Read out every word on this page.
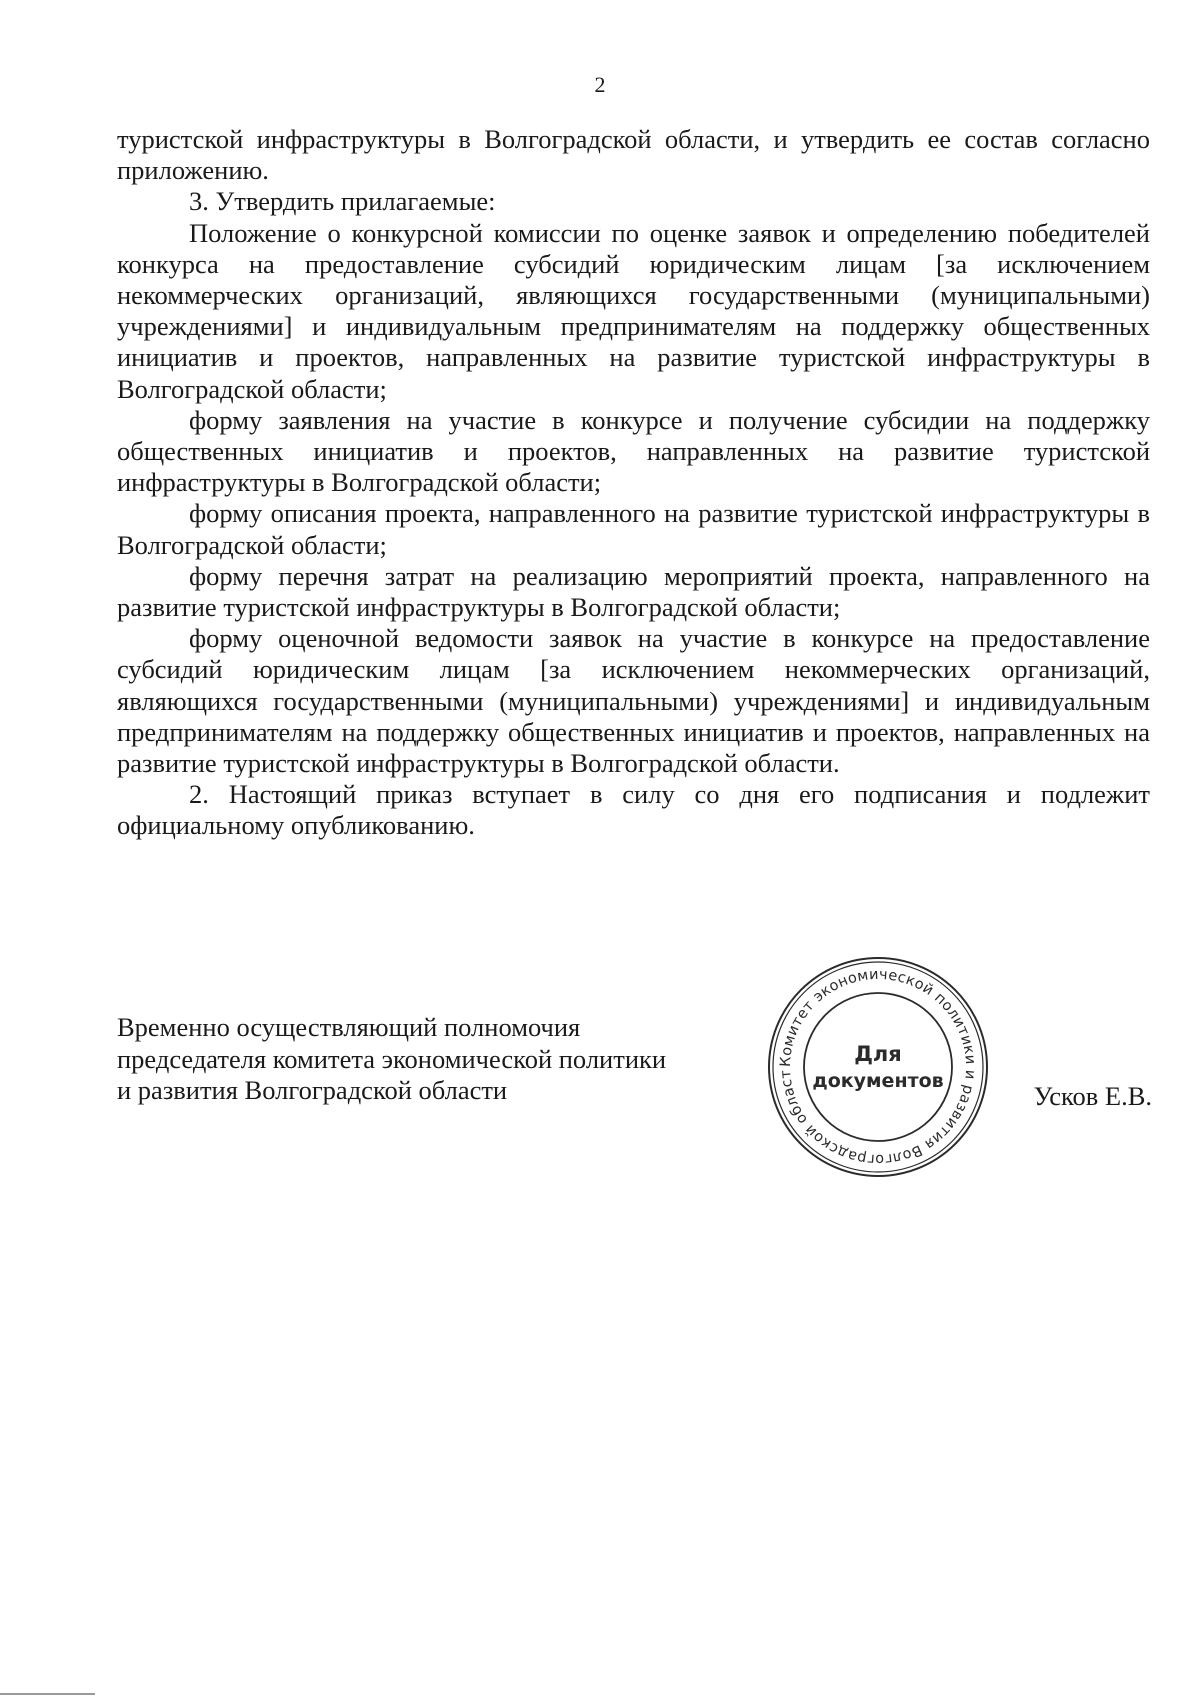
2

туристской инфраструктуры в Волгоградской области, и утвердить ее состав согласно приложению.

3. Утвердить прилагаемые:

Положение о конкурсной комиссии по оценке заявок и определению победителей конкурса на предоставление субсидий юридическим лицам [за исключением некоммерческих организаций, являющихся государственными (муниципальными) учреждениями] и индивидуальным предпринимателям на поддержку общественных инициатив и проектов, направленных на развитие туристской инфраструктуры в Волгоградской области;

форму заявления на участие в конкурсе и получение субсидии на поддержку общественных инициатив и проектов, направленных на развитие туристской инфраструктуры в Волгоградской области;

форму описания проекта, направленного на развитие туристской инфраструктуры в Волгоградской области;

форму перечня затрат на реализацию мероприятий проекта, направленного на развитие туристской инфраструктуры в Волгоградской области;

форму оценочной ведомости заявок на участие в конкурсе на предоставление субсидий юридическим лицам [за исключением некоммерческих организаций, являющихся государственными (муниципальными) учреждениями] и индивидуальным предпринимателям на поддержку общественных инициатив и проектов, направленных на развитие туристской инфраструктуры в Волгоградской области.

2. Настоящий приказ вступает в силу со дня его подписания и подлежит официальному опубликованию.

Временно осуществляющий полномочия
председателя комитета экономической политики
и развития Волгоградской области
Комитет экономической политики и развития Волгоградской област
Для
документов	Усков Е.В.
